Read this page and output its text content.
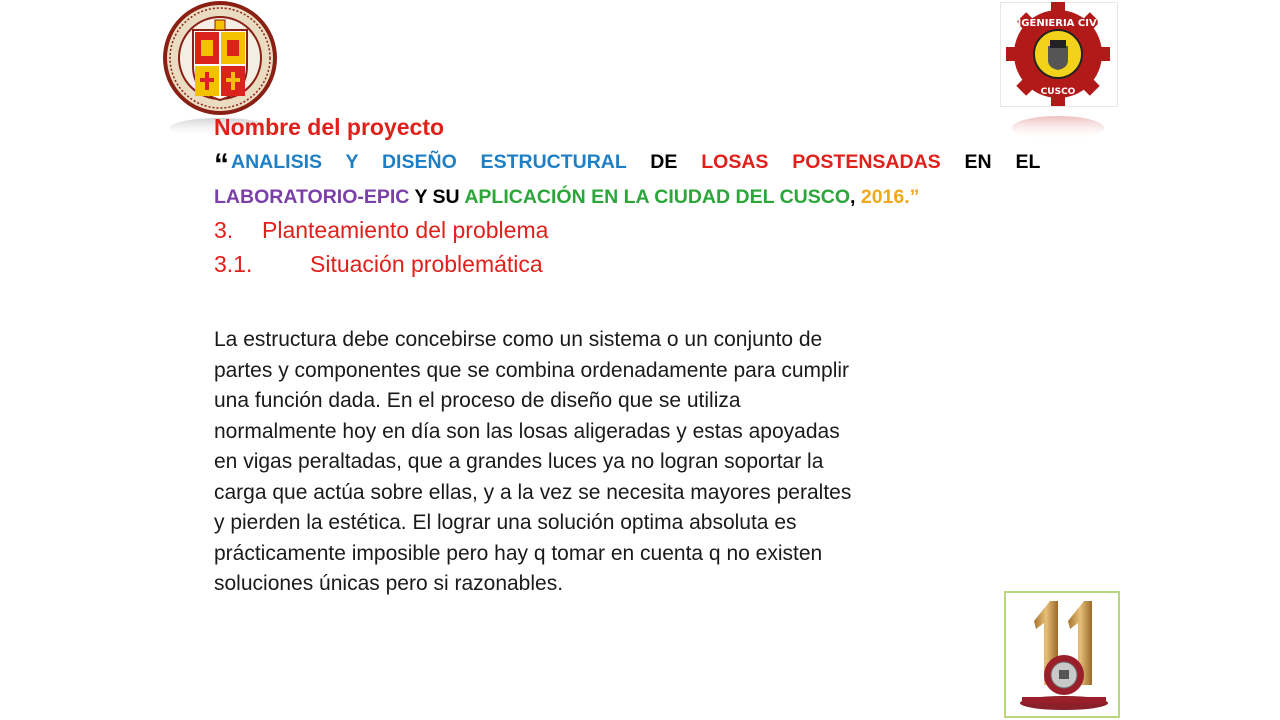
INGENIERIA CIVIL
CUSCO
Nombre del proyecto
“ ANALISIS Y DISEÑO ESTRUCTURAL DE LOSAS POSTENSADAS EN EL LABORATORIO-EPIC Y SU APLICACIÓN EN LA CIUDAD DEL CUSCO, 2016.”
3. Planteamiento del problema
3.1.	Situación problemática
La estructura debe concebirse como un sistema o un conjunto de
partes y componentes que se combina ordenadamente para cumplir
una función dada. En el proceso de diseño que se utiliza
normalmente hoy en día son las losas aligeradas y estas apoyadas
en vigas peraltadas, que a grandes luces ya no logran soportar la
carga que actúa sobre ellas, y a la vez se necesita mayores peraltes
y pierden la estética. El lograr una solución optima absoluta es
prácticamente imposible pero hay q tomar en cuenta q no existen
soluciones únicas pero si razonables.
